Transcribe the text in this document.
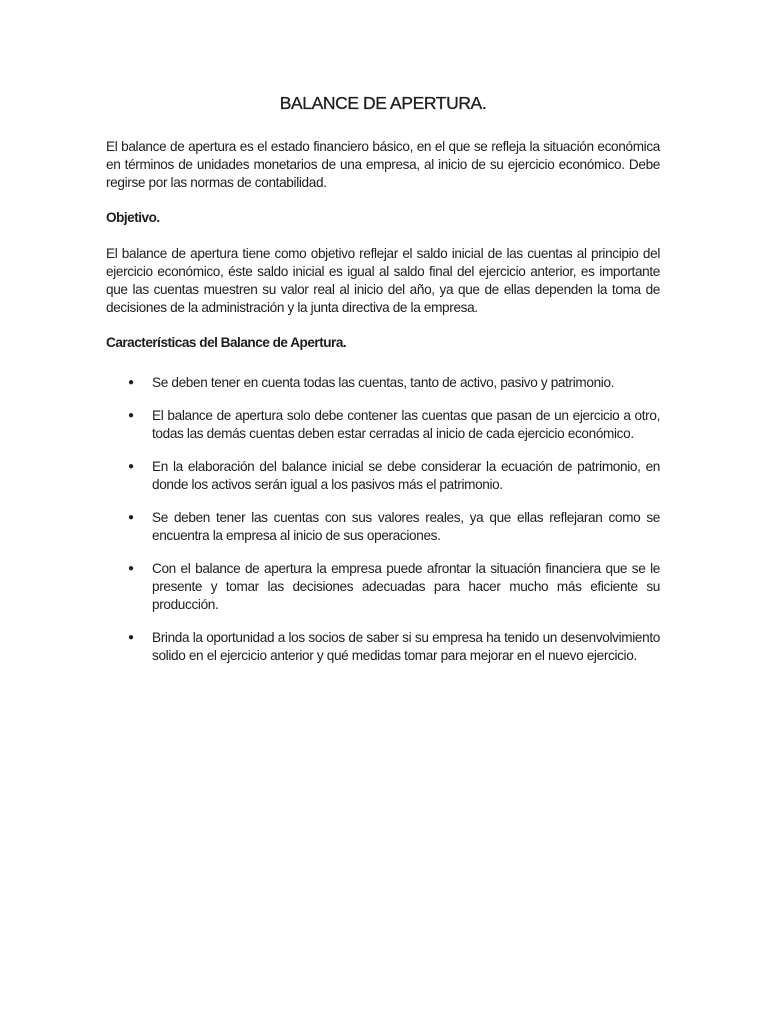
BALANCE DE APERTURA.

El balance de apertura es el estado financiero básico, en el que se refleja la situación económica en términos de unidades monetarios de una empresa, al inicio de su ejercicio económico. Debe regirse por las normas de contabilidad.

Objetivo.

El balance de apertura tiene como objetivo reflejar el saldo inicial de las cuentas al principio del ejercicio económico, éste saldo inicial es igual al saldo final del ejercicio anterior, es importante que las cuentas muestren su valor real al inicio del año, ya que de ellas dependen la toma de decisiones de la administración y la junta directiva de la empresa.

Características del Balance de Apertura.
● Se deben tener en cuenta todas las cuentas, tanto de activo, pasivo y patrimonio.

● El balance de apertura solo debe contener las cuentas que pasan de un ejercicio a otro, todas las demás cuentas deben estar cerradas al inicio de cada ejercicio económico.

● En la elaboración del balance inicial se debe considerar la ecuación de patrimonio, en donde los activos serán igual a los pasivos más el patrimonio.

● Se deben tener las cuentas con sus valores reales, ya que ellas reflejaran como se encuentra la empresa al inicio de sus operaciones.

● Con el balance de apertura la empresa puede afrontar la situación financiera que se le presente y tomar las decisiones adecuadas para hacer mucho más eficiente su producción.

● Brinda la oportunidad a los socios de saber si su empresa ha tenido un desenvolvimiento solido en el ejercicio anterior y qué medidas tomar para mejorar en el nuevo ejercicio.
